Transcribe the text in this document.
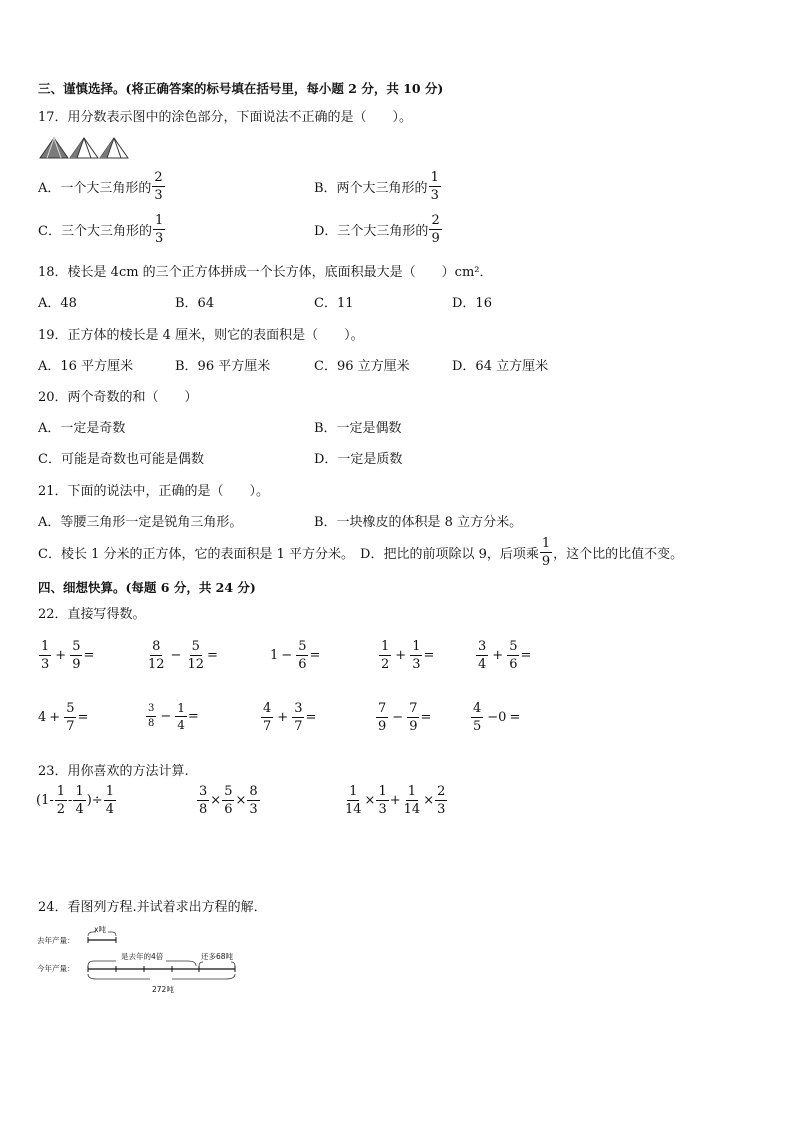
三、谨慎选择。(将正确答案的标号填在括号里，每小题 2 分，共 10 分)
17．用分数表示图中的涂色部分，下面说法不正确的是（　　）。
A．一个大三角形的 $\frac{2}{3}$	B．两个大三角形的 $\frac{1}{3}$
C．三个大三角形的 $\frac{1}{3}$	D．三个大三角形的 $\frac{2}{9}$
18．棱长是 4cm 的三个正方体拼成一个长方体，底面积最大是（　　）cm²．
A．48	B．64	C．11	D．16
19．正方体的棱长是 4 厘米，则它的表面积是（　　）。
A．16 平方厘米	B．96 平方厘米	C．96 立方厘米	D．64 立方厘米
20．两个奇数的和（　　）
A．一定是奇数	B．一定是偶数
C．可能是奇数也可能是偶数	D．一定是质数
21．下面的说法中，正确的是（　　）。
A．等腰三角形一定是锐角三角形。	B．一块橡皮的体积是 8 立方分米。
C．棱长 1 分米的正方体，它的表面积是 1 平方分米。 D．把比的前项除以 9，后项乘 $\frac{1}{9}$ ，这个比的比值不变。
四、细想快算。(每题 6 分，共 24 分)
22．直接写得数。
$\frac{1}{3} + \frac{5}{9}$ =	$\frac{8}{12} - \frac{5}{12}$ =	$1 - \frac{5}{6}$ =	$\frac{1}{2} + \frac{1}{3}$ =	$\frac{3}{4} + \frac{5}{6}$ =
$4 + \frac{5}{7}$ =	$\frac{3}{8} - \frac{1}{4}$ =	$\frac{4}{7} + \frac{3}{7}$ =	$\frac{7}{9} - \frac{7}{9}$ =	$\frac{4}{5} -0$ =
23．用你喜欢的方法计算.
($1- \frac{1}{2} - \frac{1}{4}$ )÷ $\frac{1}{4}$	$\frac{3}{8} \times \frac{5}{6} \times \frac{8}{3}$	$\frac{1}{14} \times \frac{1}{3} + \frac{1}{14} \times \frac{2}{3}$
24．看图列方程.并试着求出方程的解．
去年产量：
x吨
今年产量：
是去年的4倍	还多68吨
272吨
